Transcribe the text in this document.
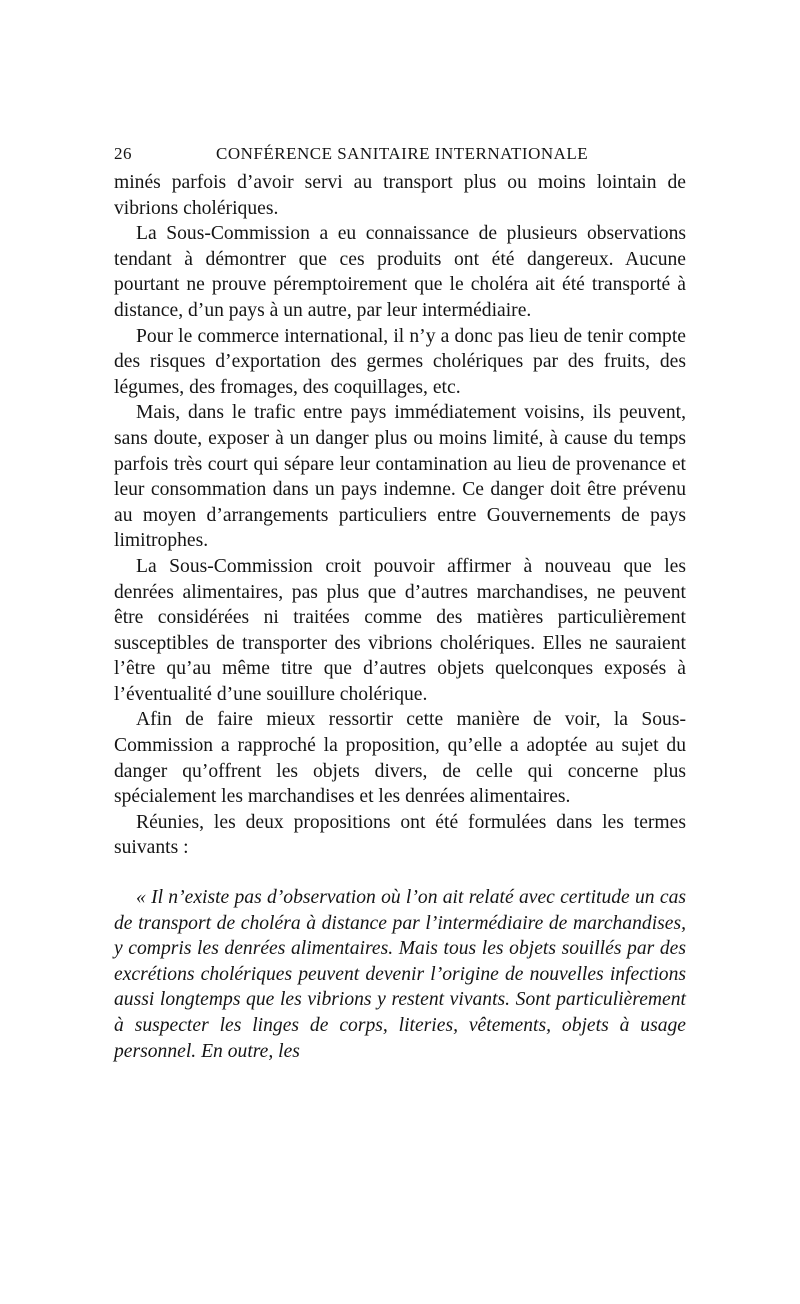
26	CONFÉRENCE SANITAIRE INTERNATIONALE

minés parfois d’avoir servi au transport plus ou moins lointain de vibrions cholériques.

La Sous-Commission a eu connaissance de plusieurs observations tendant à démontrer que ces produits ont été dangereux. Aucune pourtant ne prouve péremptoirement que le choléra ait été transporté à distance, d’un pays à un autre, par leur intermédiaire.

Pour le commerce international, il n’y a donc pas lieu de tenir compte des risques d’exportation des germes cholériques par des fruits, des légumes, des fromages, des coquillages, etc.

Mais, dans le trafic entre pays immédiatement voisins, ils peuvent, sans doute, exposer à un danger plus ou moins limité, à cause du temps parfois très court qui sépare leur contamination au lieu de provenance et leur consommation dans un pays indemne. Ce danger doit être prévenu au moyen d’arrangements particuliers entre Gouvernements de pays limitrophes.

La Sous-Commission croit pouvoir affirmer à nouveau que les denrées alimentaires, pas plus que d’autres marchandises, ne peuvent être considérées ni traitées comme des matières particulièrement susceptibles de transporter des vibrions cholériques. Elles ne sauraient l’être qu’au même titre que d’autres objets quelconques exposés à l’éventualité d’une souillure cholérique.

Afin de faire mieux ressortir cette manière de voir, la Sous-Commission a rapproché la proposition, qu’elle a adoptée au sujet du danger qu’offrent les objets divers, de celle qui concerne plus spécialement les marchandises et les denrées alimentaires.

Réunies, les deux propositions ont été formulées dans les termes suivants :

« Il n’existe pas d’observation où l’on ait relaté avec certitude un cas de transport de choléra à distance par l’intermédiaire de marchandises, y compris les denrées alimentaires. Mais tous les objets souillés par des excrétions cholériques peuvent devenir l’origine de nouvelles infections aussi longtemps que les vibrions y restent vivants. Sont particulièrement à suspecter les linges de corps, literies, vêtements, objets à usage personnel. En outre, les
